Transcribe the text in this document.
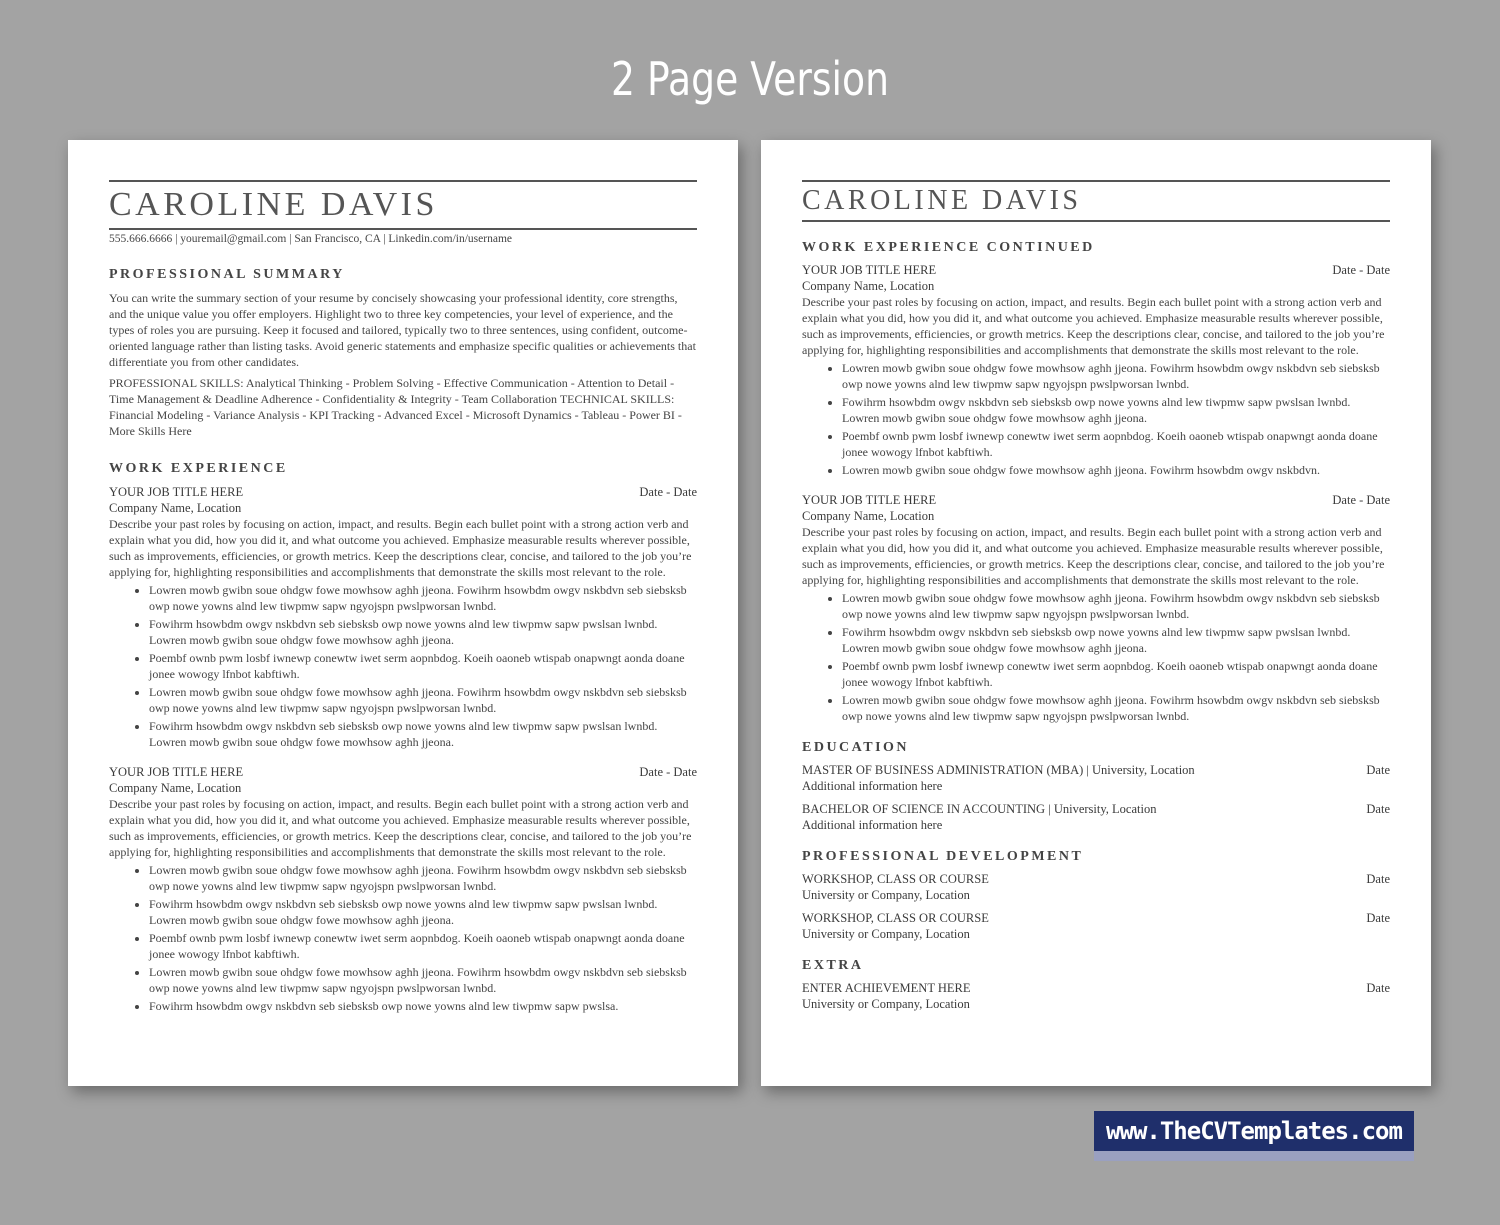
2 Page Version
CAROLINE DAVIS
555.666.6666 | youremail@gmail.com | San Francisco, CA | Linkedin.com/in/username
PROFESSIONAL SUMMARY

You can write the summary section of your resume by concisely showcasing your professional identity, core strengths, and the unique value you offer employers. Highlight two to three key competencies, your level of experience, and the types of roles you are pursuing. Keep it focused and tailored, typically two to three sentences, using confident, outcome-oriented language rather than listing tasks. Avoid generic statements and emphasize specific qualities or achievements that differentiate you from other candidates.

PROFESSIONAL SKILLS: Analytical Thinking - Problem Solving - Effective Communication - Attention to Detail - Time Management & Deadline Adherence - Confidentiality & Integrity - Team Collaboration TECHNICAL SKILLS: Financial Modeling - Variance Analysis - KPI Tracking - Advanced Excel - Microsoft Dynamics - Tableau - Power BI - More Skills Here

WORK EXPERIENCE
YOUR JOB TITLE HERE	Date - Date
Company Name, Location

Describe your past roles by focusing on action, impact, and results. Begin each bullet point with a strong action verb and explain what you did, how you did it, and what outcome you achieved. Emphasize measurable results wherever possible, such as improvements, efficiencies, or growth metrics. Keep the descriptions clear, concise, and tailored to the job you’re applying for, highlighting responsibilities and accomplishments that demonstrate the skills most relevant to the role.

• Lowren mowb gwibn soue ohdgw fowe mowhsow aghh jjeona. Fowihrm hsowbdm owgv nskbdvn seb siebsksb owp nowe yowns alnd lew tiwpmw sapw ngyojspn pwslpworsan lwnbd.
• Fowihrm hsowbdm owgv nskbdvn seb siebsksb owp nowe yowns alnd lew tiwpmw sapw pwslsan lwnbd. Lowren mowb gwibn soue ohdgw fowe mowhsow aghh jjeona.
• Poembf ownb pwm losbf iwnewp conewtw iwet serm aopnbdog. Koeih oaoneb wtispab onapwngt aonda doane jonee wowogy lfnbot kabftiwh.
• Lowren mowb gwibn soue ohdgw fowe mowhsow aghh jjeona. Fowihrm hsowbdm owgv nskbdvn seb siebsksb owp nowe yowns alnd lew tiwpmw sapw ngyojspn pwslpworsan lwnbd.
• Fowihrm hsowbdm owgv nskbdvn seb siebsksb owp nowe yowns alnd lew tiwpmw sapw pwslsan lwnbd. Lowren mowb gwibn soue ohdgw fowe mowhsow aghh jjeona.
YOUR JOB TITLE HERE	Date - Date
Company Name, Location

Describe your past roles by focusing on action, impact, and results. Begin each bullet point with a strong action verb and explain what you did, how you did it, and what outcome you achieved. Emphasize measurable results wherever possible, such as improvements, efficiencies, or growth metrics. Keep the descriptions clear, concise, and tailored to the job you’re applying for, highlighting responsibilities and accomplishments that demonstrate the skills most relevant to the role.

• Lowren mowb gwibn soue ohdgw fowe mowhsow aghh jjeona. Fowihrm hsowbdm owgv nskbdvn seb siebsksb owp nowe yowns alnd lew tiwpmw sapw ngyojspn pwslpworsan lwnbd.
• Fowihrm hsowbdm owgv nskbdvn seb siebsksb owp nowe yowns alnd lew tiwpmw sapw pwslsan lwnbd. Lowren mowb gwibn soue ohdgw fowe mowhsow aghh jjeona.
• Poembf ownb pwm losbf iwnewp conewtw iwet serm aopnbdog. Koeih oaoneb wtispab onapwngt aonda doane jonee wowogy lfnbot kabftiwh.
• Lowren mowb gwibn soue ohdgw fowe mowhsow aghh jjeona. Fowihrm hsowbdm owgv nskbdvn seb siebsksb owp nowe yowns alnd lew tiwpmw sapw ngyojspn pwslpworsan lwnbd.
• Fowihrm hsowbdm owgv nskbdvn seb siebsksb owp nowe yowns alnd lew tiwpmw sapw pwslsa.
CAROLINE DAVIS
WORK EXPERIENCE CONTINUED
YOUR JOB TITLE HERE	Date - Date
Company Name, Location

Describe your past roles by focusing on action, impact, and results. Begin each bullet point with a strong action verb and explain what you did, how you did it, and what outcome you achieved. Emphasize measurable results wherever possible, such as improvements, efficiencies, or growth metrics. Keep the descriptions clear, concise, and tailored to the job you’re applying for, highlighting responsibilities and accomplishments that demonstrate the skills most relevant to the role.

• Lowren mowb gwibn soue ohdgw fowe mowhsow aghh jjeona. Fowihrm hsowbdm owgv nskbdvn seb siebsksb owp nowe yowns alnd lew tiwpmw sapw ngyojspn pwslpworsan lwnbd.
• Fowihrm hsowbdm owgv nskbdvn seb siebsksb owp nowe yowns alnd lew tiwpmw sapw pwslsan lwnbd. Lowren mowb gwibn soue ohdgw fowe mowhsow aghh jjeona.
• Poembf ownb pwm losbf iwnewp conewtw iwet serm aopnbdog. Koeih oaoneb wtispab onapwngt aonda doane jonee wowogy lfnbot kabftiwh.
• Lowren mowb gwibn soue ohdgw fowe mowhsow aghh jjeona. Fowihrm hsowbdm owgv nskbdvn.
YOUR JOB TITLE HERE	Date - Date
Company Name, Location

Describe your past roles by focusing on action, impact, and results. Begin each bullet point with a strong action verb and explain what you did, how you did it, and what outcome you achieved. Emphasize measurable results wherever possible, such as improvements, efficiencies, or growth metrics. Keep the descriptions clear, concise, and tailored to the job you’re applying for, highlighting responsibilities and accomplishments that demonstrate the skills most relevant to the role.

• Lowren mowb gwibn soue ohdgw fowe mowhsow aghh jjeona. Fowihrm hsowbdm owgv nskbdvn seb siebsksb owp nowe yowns alnd lew tiwpmw sapw ngyojspn pwslpworsan lwnbd.
• Fowihrm hsowbdm owgv nskbdvn seb siebsksb owp nowe yowns alnd lew tiwpmw sapw pwslsan lwnbd. Lowren mowb gwibn soue ohdgw fowe mowhsow aghh jjeona.
• Poembf ownb pwm losbf iwnewp conewtw iwet serm aopnbdog. Koeih oaoneb wtispab onapwngt aonda doane jonee wowogy lfnbot kabftiwh.
• Lowren mowb gwibn soue ohdgw fowe mowhsow aghh jjeona. Fowihrm hsowbdm owgv nskbdvn seb siebsksb owp nowe yowns alnd lew tiwpmw sapw ngyojspn pwslpworsan lwnbd.
EDUCATION
MASTER OF BUSINESS ADMINISTRATION (MBA) | University, Location	Date
Additional information here
BACHELOR OF SCIENCE IN ACCOUNTING | University, Location	Date
Additional information here
PROFESSIONAL DEVELOPMENT
WORKSHOP, CLASS OR COURSE	Date
University or Company, Location
WORKSHOP, CLASS OR COURSE	Date
University or Company, Location
EXTRA
ENTER ACHIEVEMENT HERE	Date
University or Company, Location
www.TheCVTemplates.com
